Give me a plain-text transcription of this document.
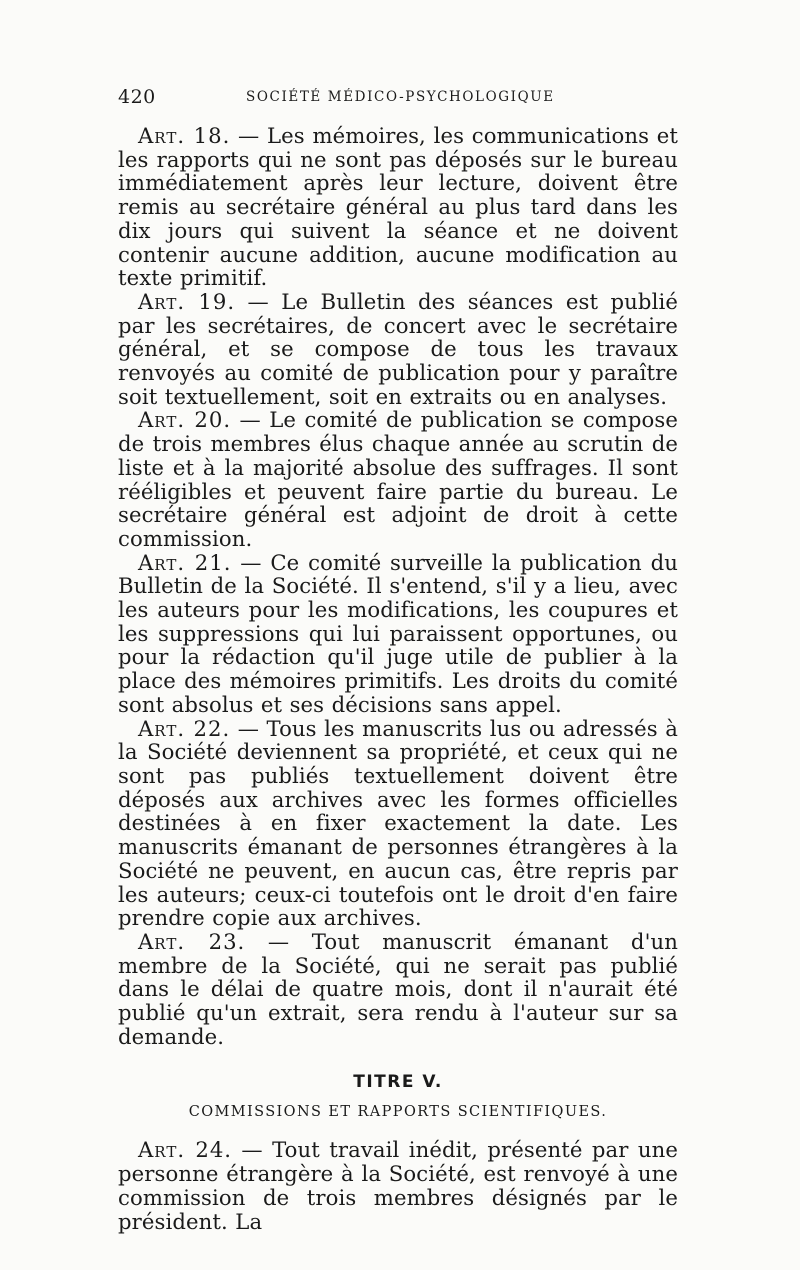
420	SOCIÉTÉ MÉDICO-PSYCHOLOGIQUE

Art. 18. — Les mémoires, les communications et les rapports qui ne sont pas déposés sur le bureau immédiatement après leur lecture, doivent être remis au secrétaire général au plus tard dans les dix jours qui suivent la séance et ne doivent contenir aucune addition, aucune modification au texte primitif.

Art. 19. — Le Bulletin des séances est publié par les secrétaires, de concert avec le secrétaire général, et se compose de tous les travaux renvoyés au comité de publication pour y paraître soit textuellement, soit en extraits ou en analyses.

Art. 20. — Le comité de publication se compose de trois membres élus chaque année au scrutin de liste et à la majorité absolue des suffrages. Il sont rééligibles et peuvent faire partie du bureau. Le secrétaire général est adjoint de droit à cette commission.

Art. 21. — Ce comité surveille la publication du Bulletin de la Société. Il s'entend, s'il y a lieu, avec les auteurs pour les modifications, les coupures et les suppressions qui lui paraissent opportunes, ou pour la rédaction qu'il juge utile de publier à la place des mémoires primitifs. Les droits du comité sont absolus et ses décisions sans appel.

Art. 22. — Tous les manuscrits lus ou adressés à la Société deviennent sa propriété, et ceux qui ne sont pas publiés textuellement doivent être déposés aux archives avec les formes officielles destinées à en fixer exactement la date. Les manuscrits émanant de personnes étrangères à la Société ne peuvent, en aucun cas, être repris par les auteurs; ceux-ci toutefois ont le droit d'en faire prendre copie aux archives.

Art. 23. — Tout manuscrit émanant d'un membre de la Société, qui ne serait pas publié dans le délai de quatre mois, dont il n'aurait été publié qu'un extrait, sera rendu à l'auteur sur sa demande.

TITRE V.
COMMISSIONS ET RAPPORTS SCIENTIFIQUES.

Art. 24. — Tout travail inédit, présenté par une personne étrangère à la Société, est renvoyé à une commission de trois membres désignés par le président. La
